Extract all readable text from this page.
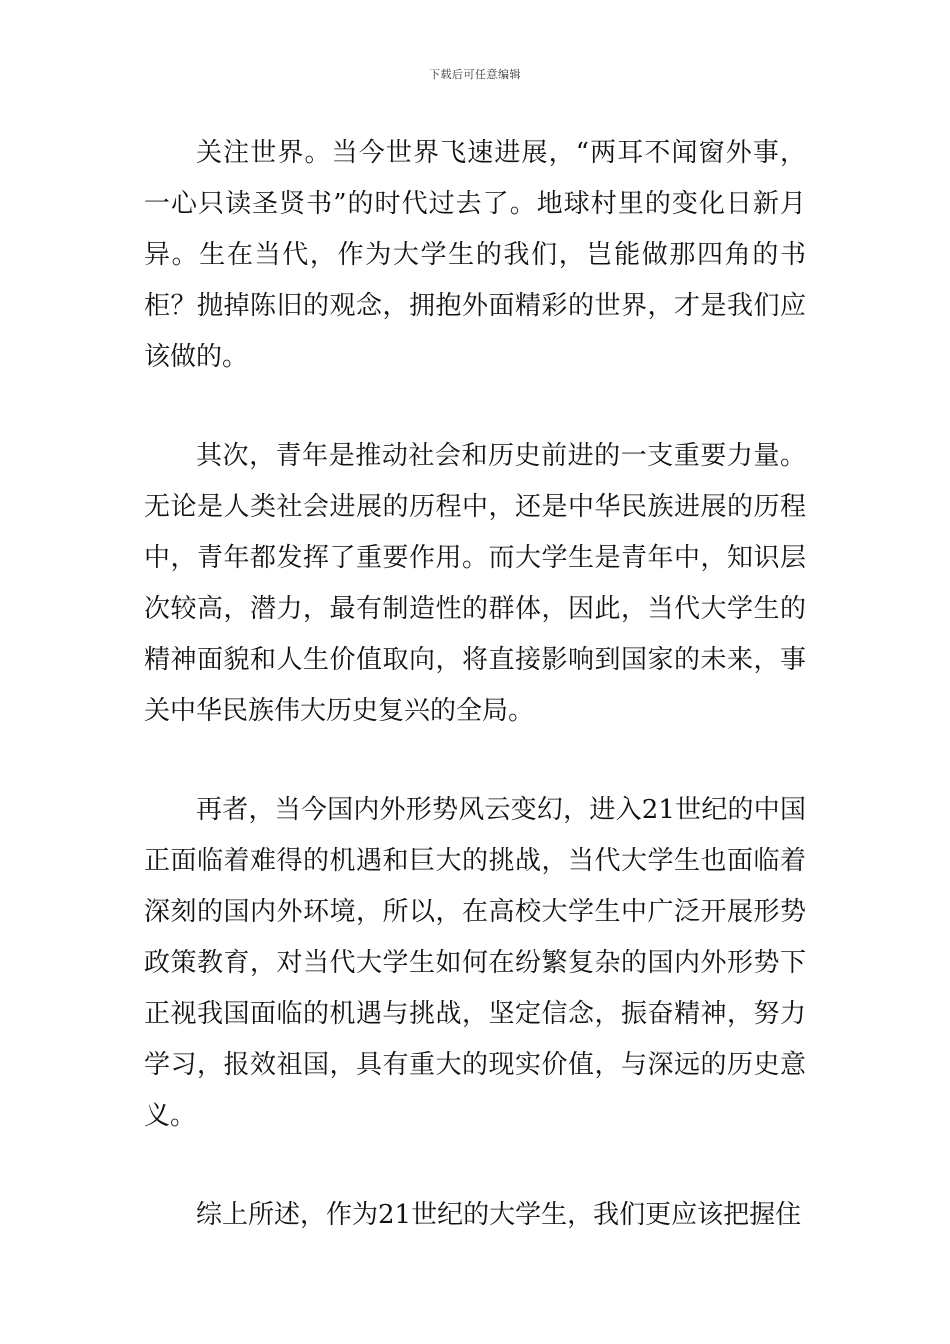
下载后可任意编辑

关注世界。当今世界飞速进展，“两耳不闻窗外事，一心只读圣贤书”的时代过去了。地球村里的变化日新月异。生在当代，作为大学生的我们，岂能做那四角的书柜？抛掉陈旧的观念，拥抱外面精彩的世界，才是我们应该做的。

其次，青年是推动社会和历史前进的一支重要力量。无论是人类社会进展的历程中，还是中华民族进展的历程中，青年都发挥了重要作用。而大学生是青年中，知识层次较高，潜力，最有制造性的群体，因此，当代大学生的精神面貌和人生价值取向，将直接影响到国家的未来，事关中华民族伟大历史复兴的全局。

再者，当今国内外形势风云变幻，进入21世纪的中国正面临着难得的机遇和巨大的挑战，当代大学生也面临着深刻的国内外环境，所以，在高校大学生中广泛开展形势政策教育，对当代大学生如何在纷繁复杂的国内外形势下正视我国面临的机遇与挑战，坚定信念，振奋精神，努力学习，报效祖国，具有重大的现实价值，与深远的历史意义。

综上所述，作为21世纪的大学生，我们更应该把握住
